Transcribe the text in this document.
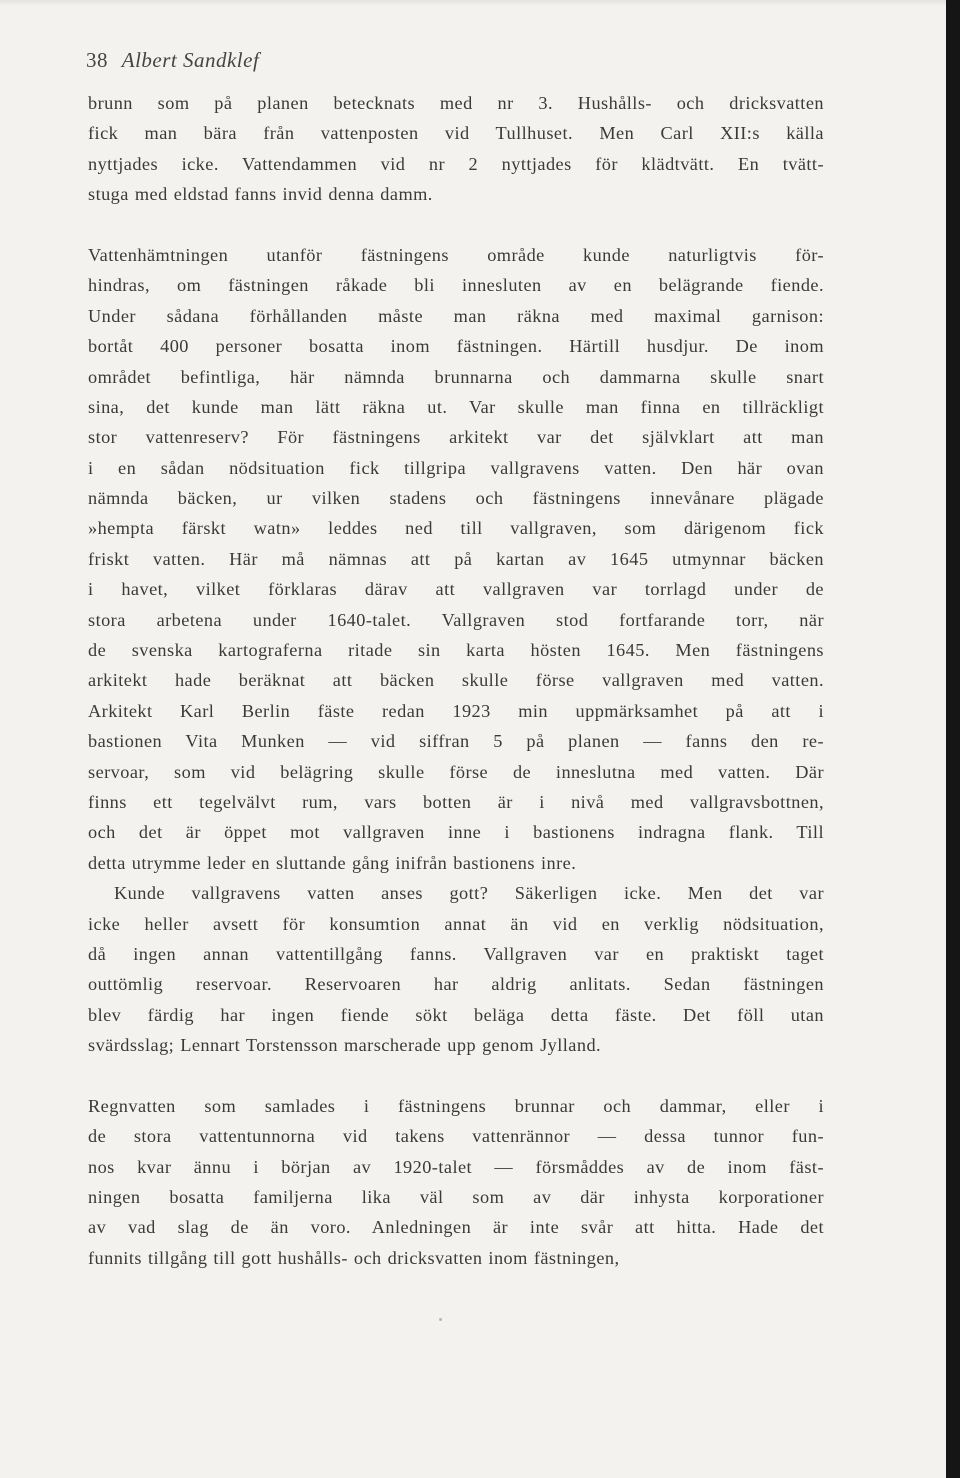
38 Albert Sandklef
brunn som på planen betecknats med nr 3. Hushålls- och dricksvatten
fick man bära från vattenposten vid Tullhuset. Men Carl XII:s källa
nyttjades icke. Vattendammen vid nr 2 nyttjades för klädtvätt. En tvätt-
stuga med eldstad fanns invid denna damm.
Vattenhämtningen utanför fästningens område kunde naturligtvis för-
hindras, om fästningen råkade bli innesluten av en belägrande fiende.
Under sådana förhållanden måste man räkna med maximal garnison:
bortåt 400 personer bosatta inom fästningen. Härtill husdjur. De inom
området befintliga, här nämnda brunnarna och dammarna skulle snart
sina, det kunde man lätt räkna ut. Var skulle man finna en tillräckligt
stor vattenreserv? För fästningens arkitekt var det självklart att man
i en sådan nödsituation fick tillgripa vallgravens vatten. Den här ovan
nämnda bäcken, ur vilken stadens och fästningens innevånare plägade
»hempta färskt watn» leddes ned till vallgraven, som därigenom fick
friskt vatten. Här må nämnas att på kartan av 1645 utmynnar bäcken
i havet, vilket förklaras därav att vallgraven var torrlagd under de
stora arbetena under 1640-talet. Vallgraven stod fortfarande torr, när
de svenska kartograferna ritade sin karta hösten 1645. Men fästningens
arkitekt hade beräknat att bäcken skulle förse vallgraven med vatten.
Arkitekt Karl Berlin fäste redan 1923 min uppmärksamhet på att i
bastionen Vita Munken — vid siffran 5 på planen — fanns den re-
servoar, som vid belägring skulle förse de inneslutna med vatten. Där
finns ett tegelvälvt rum, vars botten är i nivå med vallgravsbottnen,
och det är öppet mot vallgraven inne i bastionens indragna flank. Till
detta utrymme leder en sluttande gång inifrån bastionens inre.
Kunde vallgravens vatten anses gott? Säkerligen icke. Men det var
icke heller avsett för konsumtion annat än vid en verklig nödsituation,
då ingen annan vattentillgång fanns. Vallgraven var en praktiskt taget
outtömlig reservoar. Reservoaren har aldrig anlitats. Sedan fästningen
blev färdig har ingen fiende sökt beläga detta fäste. Det föll utan
svärdsslag; Lennart Torstensson marscherade upp genom Jylland.
Regnvatten som samlades i fästningens brunnar och dammar, eller i
de stora vattentunnorna vid takens vattenrännor — dessa tunnor fun-
nos kvar ännu i början av 1920-talet — försmåddes av de inom fäst-
ningen bosatta familjerna lika väl som av där inhysta korporationer
av vad slag de än voro. Anledningen är inte svår att hitta. Hade det
funnits tillgång till gott hushålls- och dricksvatten inom fästningen,
